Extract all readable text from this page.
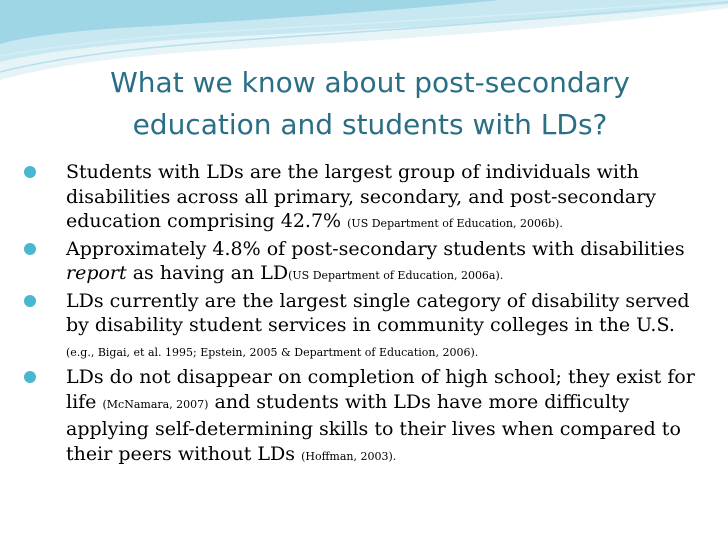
What we know about post-secondary
education and students with LDs?
Students with LDs are the largest group of individuals with disabilities across all primary, secondary, and post-secondary education comprising 42.7% (US Department of Education, 2006b).
Approximately 4.8% of post-secondary students with disabilities report as having an LD(US Department of Education, 2006a).
LDs currently are the largest single category of disability served by disability student services in community colleges in the U.S.
(e.g., Bigai, et al. 1995; Epstein, 2005 & Department of Education, 2006).
LDs do not disappear on completion of high school; they exist for life (McNamara, 2007) and students with LDs have more difficulty applying self-determining skills to their lives when compared to their peers without LDs (Hoffman, 2003).
